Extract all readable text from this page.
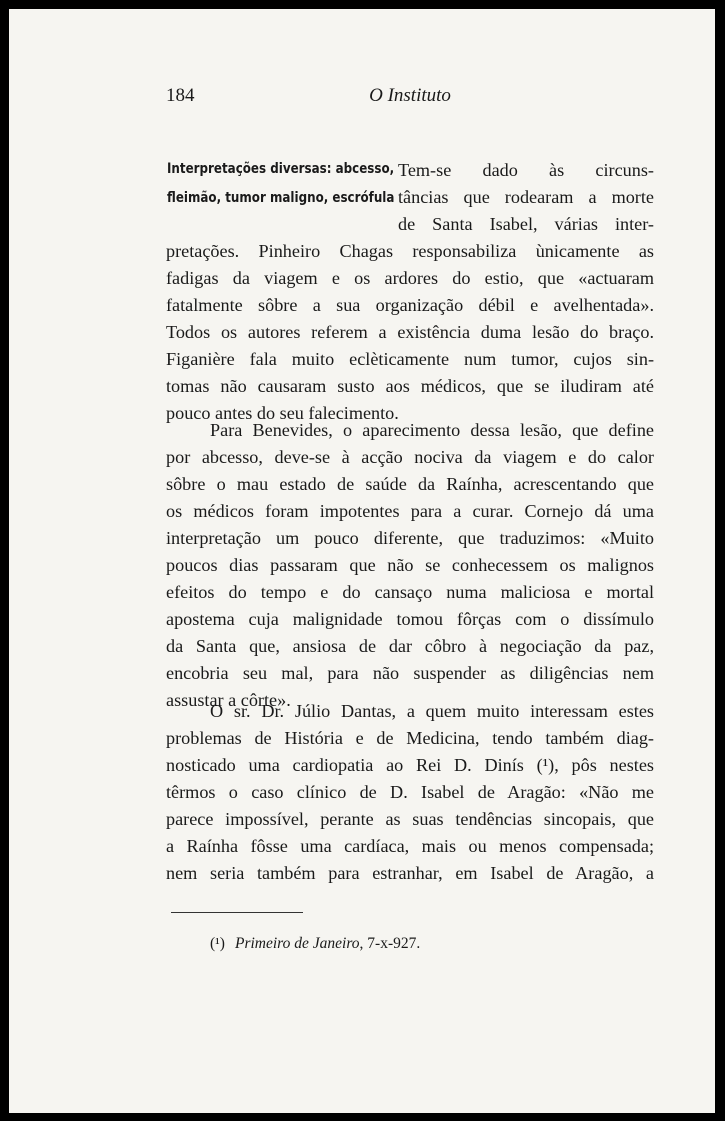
184	O Instituto
Interpretações diversas: abcesso,
fleimão, tumor maligno, escrófula
Tem-se dado às circuns-
tâncias que rodearam a morte
de Santa Isabel, várias inter-
pretações. Pinheiro Chagas responsabiliza ùnicamente as
fadigas da viagem e os ardores do estio, que «actuaram
fatalmente sôbre a sua organização débil e avelhentada».
Todos os autores referem a existência duma lesão do braço.
Figanière fala muito eclèticamente num tumor, cujos sin-
tomas não causaram susto aos médicos, que se iludiram até
pouco antes do seu falecimento.
Para Benevides, o aparecimento dessa lesão, que define
por abcesso, deve-se à acção nociva da viagem e do calor
sôbre o mau estado de saúde da Raínha, acrescentando que
os médicos foram impotentes para a curar. Cornejo dá uma
interpretação um pouco diferente, que traduzimos: «Muito
poucos dias passaram que não se conhecessem os malignos
efeitos do tempo e do cansaço numa maliciosa e mortal
apostema cuja malignidade tomou fôrças com o dissímulo
da Santa que, ansiosa de dar côbro à negociação da paz,
encobria seu mal, para não suspender as diligências nem
assustar a côrte».
O sr. Dr. Júlio Dantas, a quem muito interessam estes
problemas de História e de Medicina, tendo também diag-
nosticado uma cardiopatia ao Rei D. Dinís (¹), pôs nestes
têrmos o caso clínico de D. Isabel de Aragão: «Não me
parece impossível, perante as suas tendências sincopais, que
a Raínha fôsse uma cardíaca, mais ou menos compensada;
nem seria também para estranhar, em Isabel de Aragão, a
(¹) Primeiro de Janeiro, 7-x-927.
